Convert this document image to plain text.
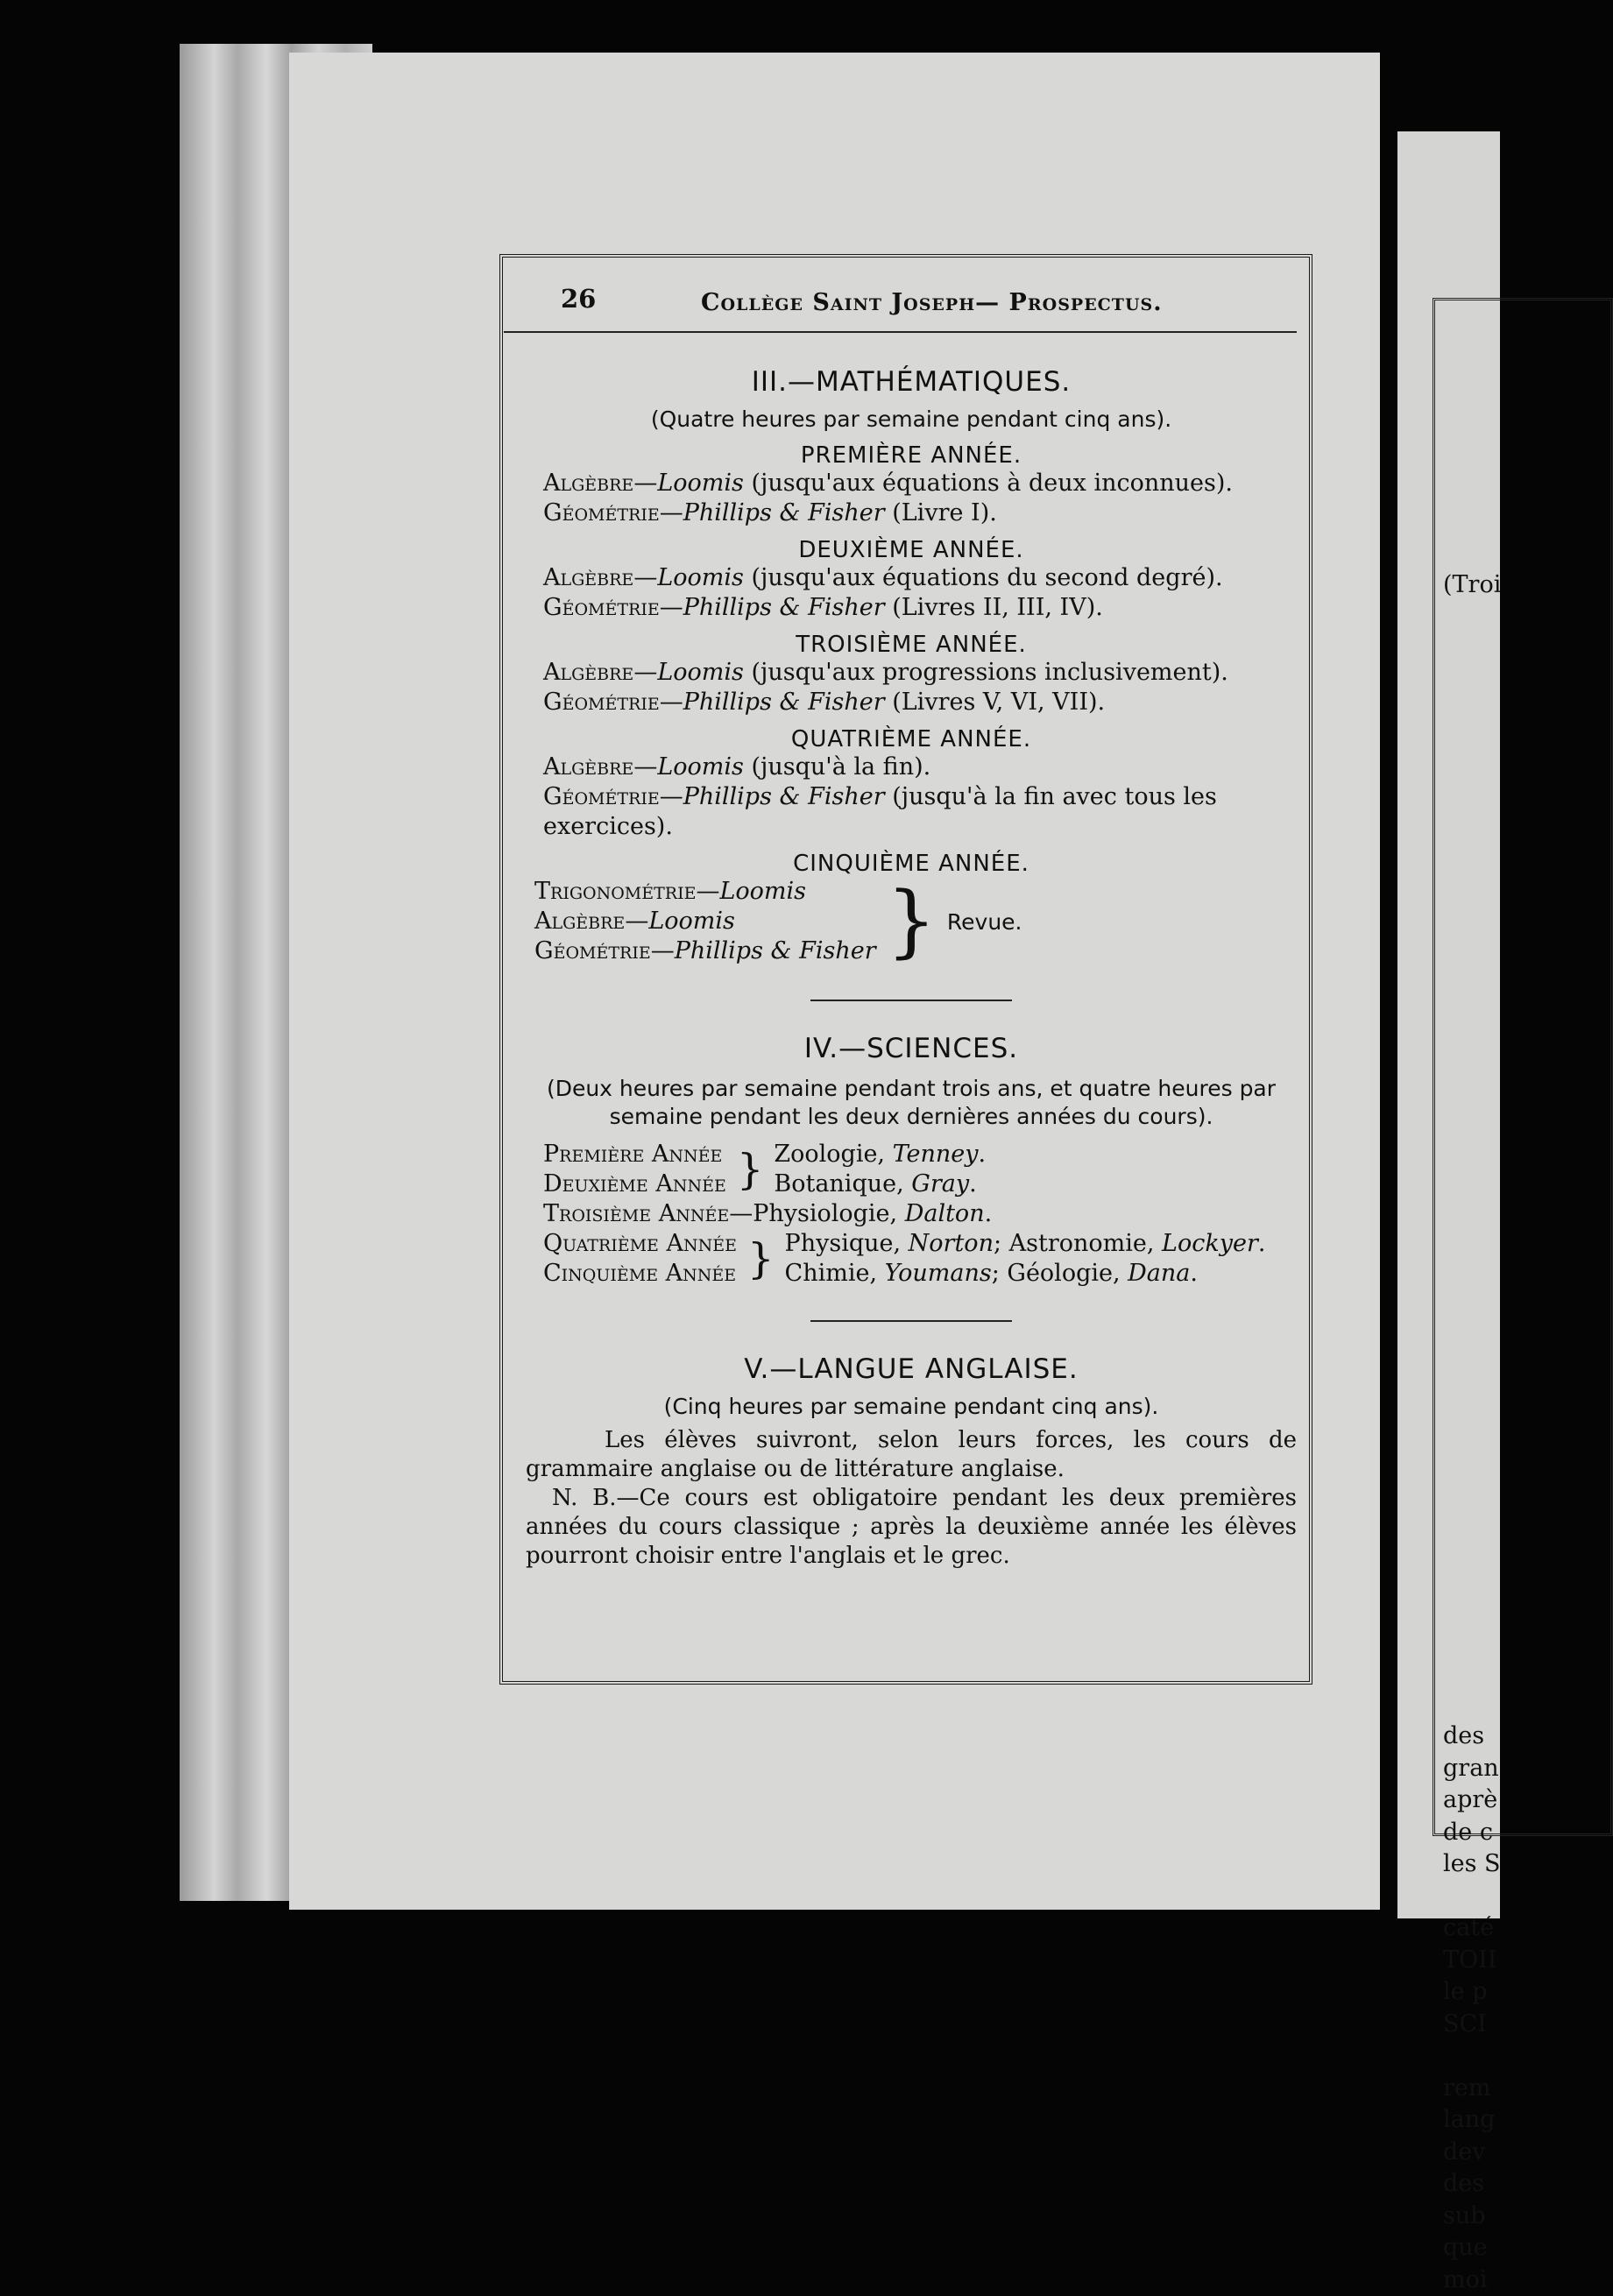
(Troi

des
gran
aprè
de c
les S

caté
TOII
le p
SCI

rem
lang
dev
des
sub
que
moi
26	Collège Saint Joseph— Prospectus.
III.—MATHÉMATIQUES.
(Quatre heures par semaine pendant cinq ans).
PREMIÈRE ANNÉE.
Algèbre—Loomis (jusqu'aux équations à deux inconnues).
Géométrie—Phillips & Fisher (Livre I).
DEUXIÈME ANNÉE.
Algèbre—Loomis (jusqu'aux équations du second degré).
Géométrie—Phillips & Fisher (Livres II, III, IV).
TROISIÈME ANNÉE.
Algèbre—Loomis (jusqu'aux progressions inclusivement).
Géométrie—Phillips & Fisher (Livres V, VI, VII).
QUATRIÈME ANNÉE.
Algèbre—Loomis (jusqu'à la fin).
Géométrie—Phillips & Fisher (jusqu'à la fin avec tous les exercices).
CINQUIÈME ANNÉE.
Trigonométrie—Loomis
Algèbre—Loomis
Géométrie—Phillips & Fisher } Revue.
IV.—SCIENCES.
(Deux heures par semaine pendant trois ans, et quatre heures par semaine pendant les deux dernières années du cours).
Première Année
Deuxième Année } Zoologie, Tenney.
Botanique, Gray.
Troisième Année—Physiologie, Dalton.
Quatrième Année
Cinquième Année } Physique, Norton; Astronomie, Lockyer.
Chimie, Youmans; Géologie, Dana.
V.—LANGUE ANGLAISE.
(Cinq heures par semaine pendant cinq ans).
Les élèves suivront, selon leurs forces, les cours de grammaire anglaise ou de littérature anglaise.
N. B.—Ce cours est obligatoire pendant les deux premières années du cours classique ; après la deuxième année les élèves pourront choisir entre l'anglais et le grec.
